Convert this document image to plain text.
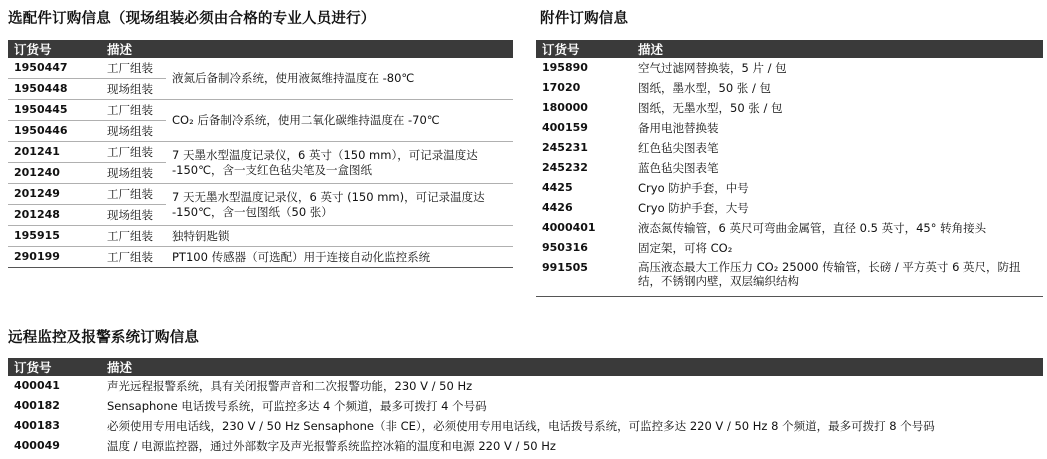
选配件订购信息（现场组装必须由合格的专业人员进行）
订货号	描述	
1950447	工厂组装	液氮后备制冷系统，使用液氮维持温度在 -80℃
1950448	现场组装	
1950445	工厂组装	CO₂ 后备制冷系统，使用二氧化碳维持温度在 -70℃
1950446	现场组装	
201241	工厂组装	7 天墨水型温度记录仪，6 英寸（150 mm），可记录温度达 -150℃，含一支红色毡尖笔及一盒图纸
201240	现场组装	
201249	工厂组装	7 天无墨水型温度记录仪，6 英寸 (150 mm)，可记录温度达 -150℃，含一包图纸（50 张）
201248	现场组装	
195915	工厂组装	独特钥匙锁
290199	工厂组装	PT100 传感器（可选配）用于连接自动化监控系统
附件订购信息
订货号	描述
195890	空气过滤网替换装，5 片 / 包
17020	图纸，墨水型，50 张 / 包
180000	图纸，无墨水型，50 张 / 包
400159	备用电池替换装
245231	红色毡尖图表笔
245232	蓝色毡尖图表笔
4425	Cryo 防护手套，中号
4426	Cryo 防护手套，大号
4000401	液态氮传输管，6 英尺可弯曲金属管，直径 0.5 英寸，45° 转角接头
950316	固定架，可将 CO₂
991505	高压液态最大工作压力 CO₂ 25000 传输管，长磅 / 平方英寸 6 英尺，防扭结，不锈钢内壁，双层编织结构
远程监控及报警系统订购信息
订货号	描述
400041	声光远程报警系统，具有关闭报警声音和二次报警功能，230 V / 50 Hz
400182	Sensaphone 电话拨号系统，可监控多达 4 个频道，最多可拨打 4 个号码
400183	必须使用专用电话线，230 V / 50 Hz Sensaphone（非 CE），必须使用专用电话线，电话拨号系统，可监控多达 220 V / 50 Hz 8 个频道，最多可拨打 8 个号码
400049	温度 / 电源监控器，通过外部数字及声光报警系统监控冰箱的温度和电源 220 V / 50 Hz
